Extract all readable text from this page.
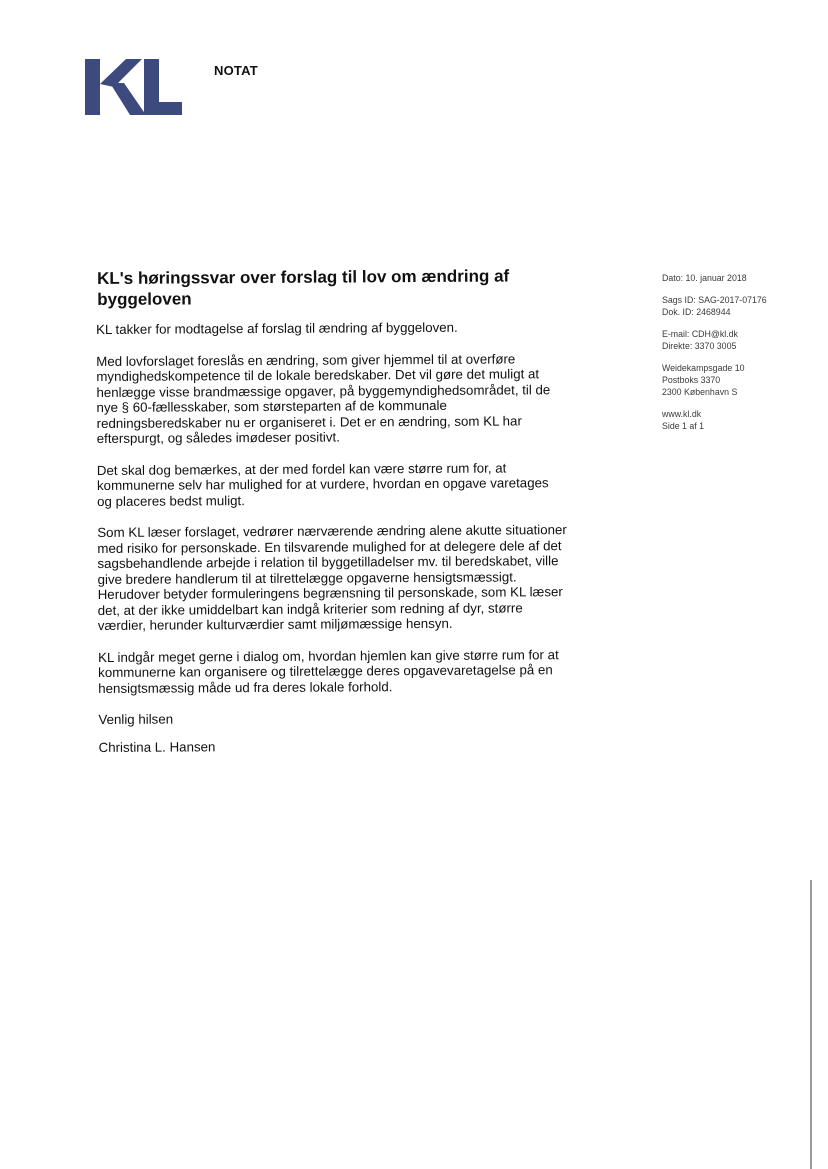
NOTAT
KL's høringssvar over forslag til lov om ændring af byggeloven

KL takker for modtagelse af forslag til ændring af byggeloven.

Med lovforslaget foreslås en ændring, som giver hjemmel til at overføre myndighedskompetence til de lokale beredskaber. Det vil gøre det muligt at henlægge visse brandmæssige opgaver, på byggemyndighedsområdet, til de nye § 60-fællesskaber, som størsteparten af de kommunale redningsberedskaber nu er organiseret i. Det er en ændring, som KL har efterspurgt, og således imødeser positivt.

Det skal dog bemærkes, at der med fordel kan være større rum for, at kommunerne selv har mulighed for at vurdere, hvordan en opgave varetages og placeres bedst muligt.

Som KL læser forslaget, vedrører nærværende ændring alene akutte situationer med risiko for personskade. En tilsvarende mulighed for at delegere dele af det sagsbehandlende arbejde i relation til byggetilladelser mv. til beredskabet, ville give bredere handlerum til at tilrettelægge opgaverne hensigtsmæssigt. Herudover betyder formuleringens begrænsning til personskade, som KL læser det, at der ikke umiddelbart kan indgå kriterier som redning af dyr, større værdier, herunder kulturværdier samt miljømæssige hensyn.

KL indgår meget gerne i dialog om, hvordan hjemlen kan give større rum for at kommunerne kan organisere og tilrettelægge deres opgavevaretagelse på en hensigtsmæssig måde ud fra deres lokale forhold.

Venlig hilsen

Christina L. Hansen

Dato: 10. januar 2018
Sags ID: SAG-2017-07176
Dok. ID: 2468944
E-mail: CDH@kl.dk
Direkte: 3370 3005
Weidekampsgade 10
Postboks 3370
2300 København S
www.kl.dk
Side 1 af 1
